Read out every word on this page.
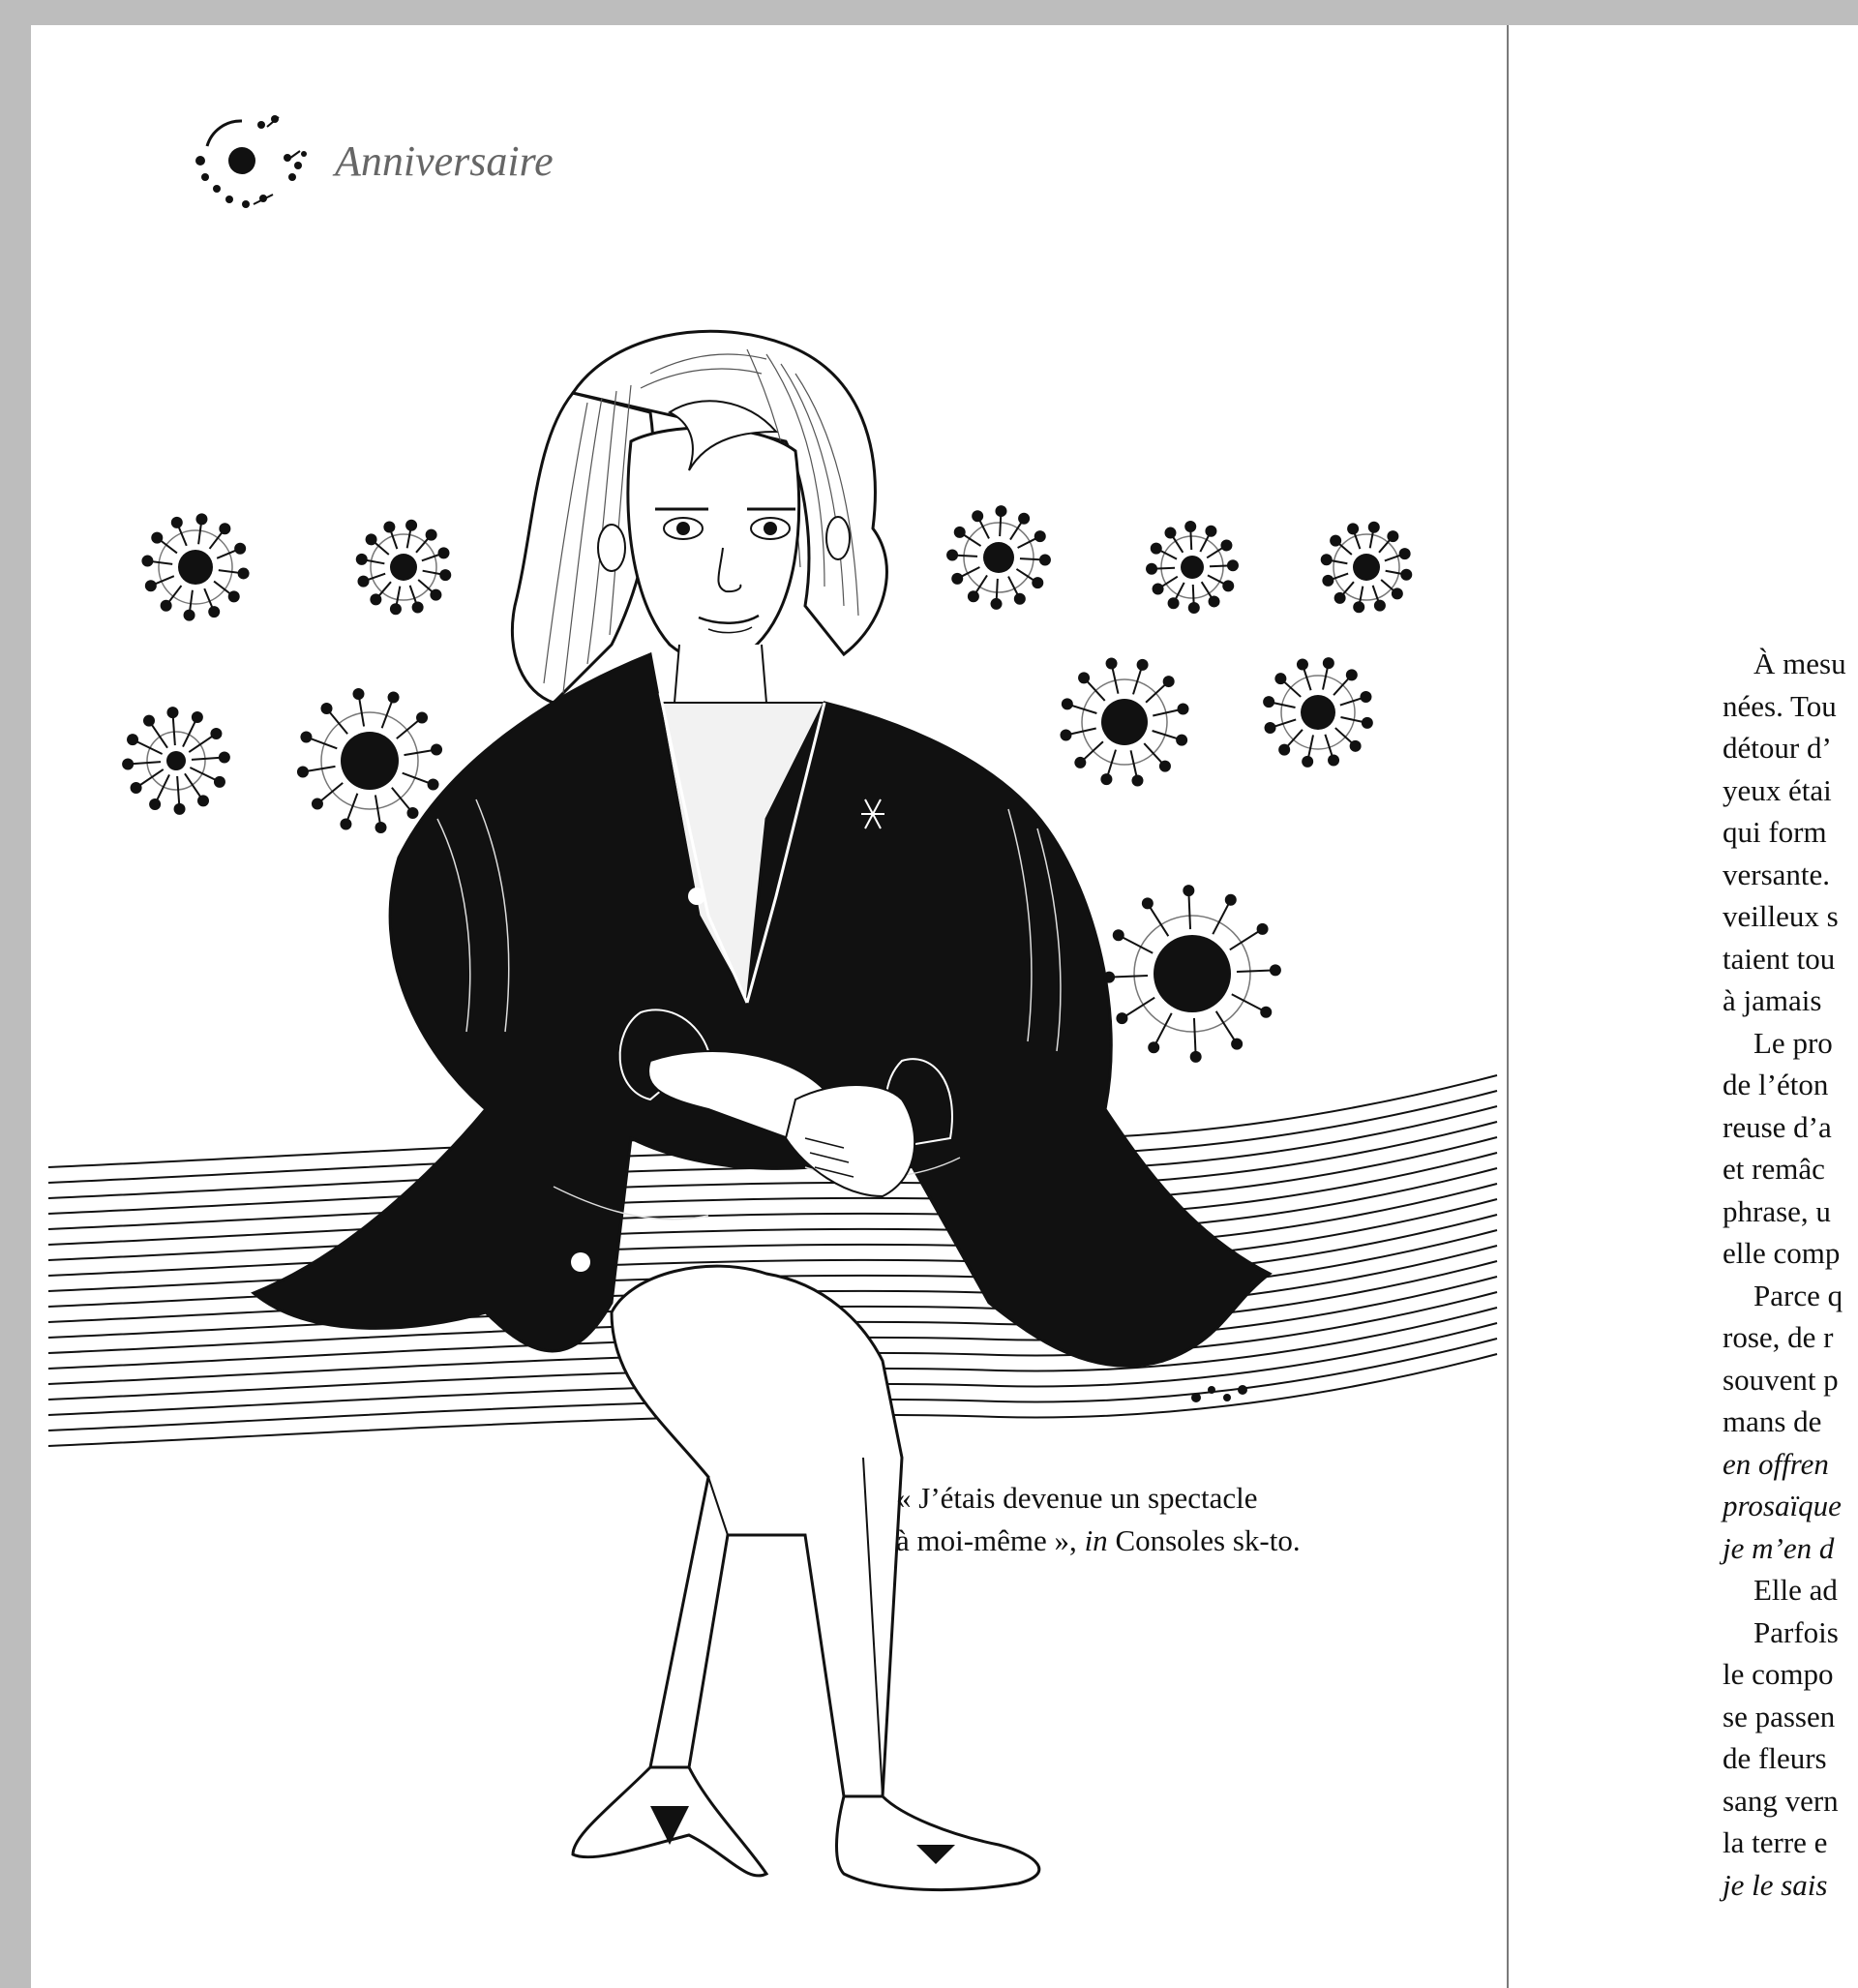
Anniversaire
« J’étais devenue un spectacle
à moi-même », in Consoles sk-to.
À mesu
nées. Tou
détour d’
yeux étai
qui form
versante.
veilleux s
taient tou
à jamais
Le pro
de l’éton
reuse d’a
et remâc
phrase, u
elle comp
Parce q
rose, de r
souvent p
mans de
en offren
prosaïque
je m’en d
Elle ad
Parfois
le compo
se passen
de fleurs
sang vern
la terre e
je le sais
